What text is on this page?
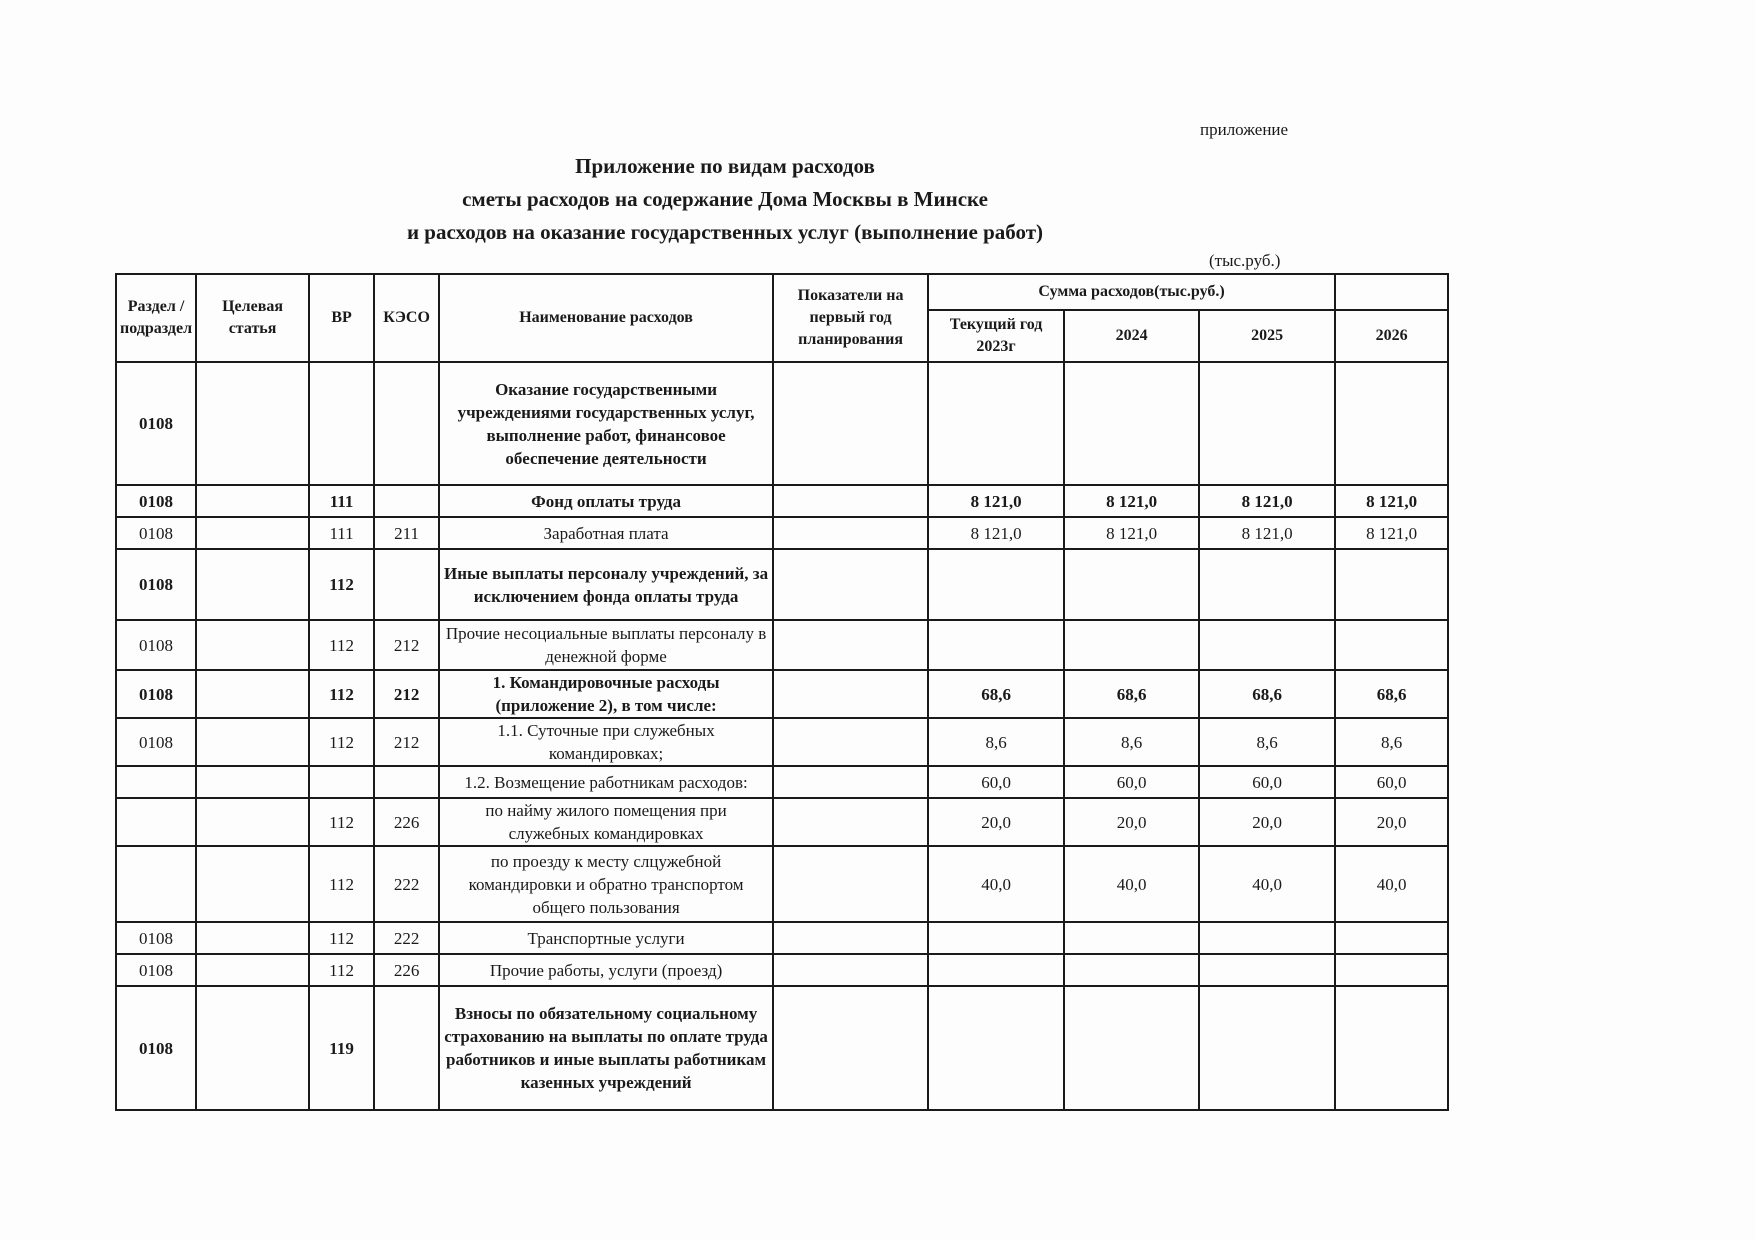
приложение
Приложение по видам расходов
сметы расходов на содержание Дома Москвы в Минске
и расходов на оказание государственных услуг (выполнение работ)
(тыс.руб.)
Раздел /подраздел	Целевая статья	ВР	КЭСО	Наименование расходов	Показатели на первый год планирования	Сумма расходов(тыс.руб.)			
						Текущий год 2023г	2024	2025	2026
0108				Оказание государственными учреждениями государственных услуг, выполнение работ, финансовое обеспечение деятельности					
0108		111		Фонд оплаты труда		8 121,0	8 121,0	8 121,0	8 121,0
0108		111	211	Заработная плата		8 121,0	8 121,0	8 121,0	8 121,0
0108		112		Иные выплаты персоналу учреждений, за исключением фонда оплаты труда					
0108		112	212	Прочие несоциальные выплаты персоналу в денежной форме					
0108		112	212	1. Командировочные расходы (приложение 2), в том числе:		68,6	68,6	68,6	68,6
0108		112	212	1.1. Суточные при служебных командировках;		8,6	8,6	8,6	8,6
				1.2. Возмещение работникам расходов:		60,0	60,0	60,0	60,0
		112	226	по найму жилого помещения при служебных командировках		20,0	20,0	20,0	20,0
		112	222	по проезду к месту слцужебной командировки и обратно транспортом общего пользования		40,0	40,0	40,0	40,0
0108		112	222	Транспортные услуги					
0108		112	226	Прочие работы, услуги (проезд)					
0108		119		Взносы по обязательному социальному страхованию на выплаты по оплате труда работников и иные выплаты работникам казенных учреждений					
